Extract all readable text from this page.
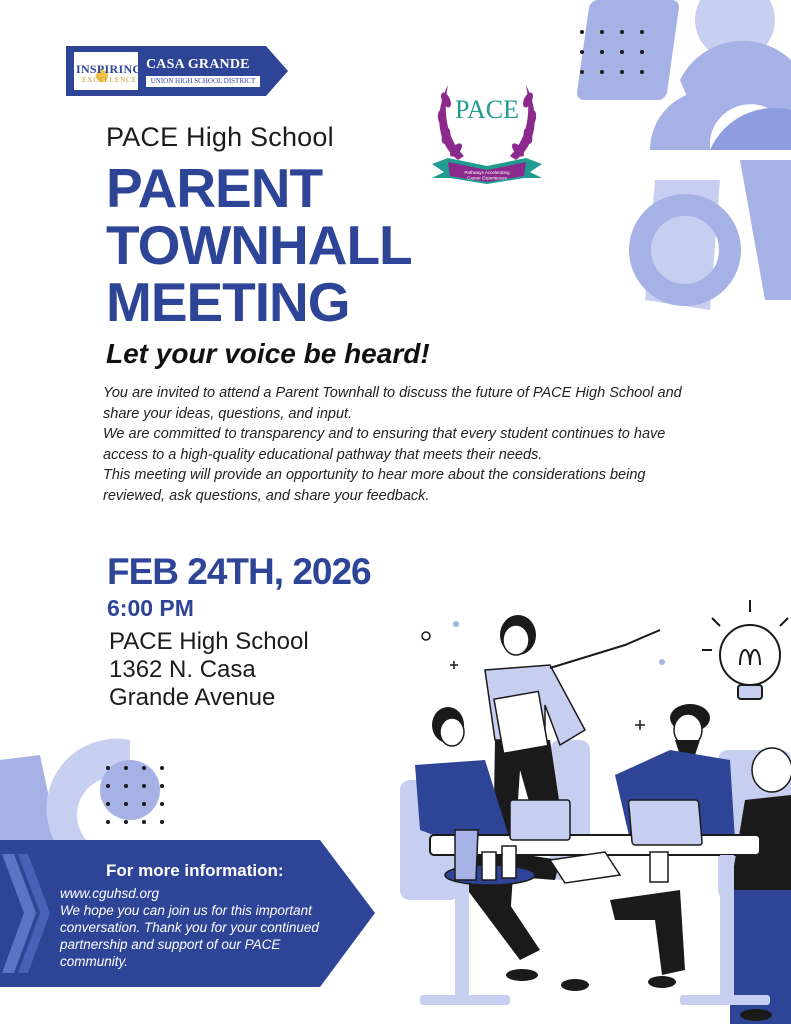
INSPIRING
EXCELLENCE
CASA GRANDE
UNION HIGH SCHOOL DISTRICT
PACE
Pathways Accelerating
Career Experiences
PACE High School
PARENT
TOWNHALL
MEETING
Let your voice be heard!

You are invited to attend a Parent Townhall to discuss the future of PACE High School and share your ideas, questions, and input.

We are committed to transparency and to ensuring that every student continues to have access to a high-quality educational pathway that meets their needs.

This meeting will provide an opportunity to hear more about the considerations being reviewed, ask questions, and share your feedback.

FEB 24TH, 2026
6:00 PM
PACE High School
1362 N. Casa
Grande Avenue
For more information:
www.cguhsd.org
We hope you can join us for this important conversation. Thank you for your continued partnership and support of our PACE community.
